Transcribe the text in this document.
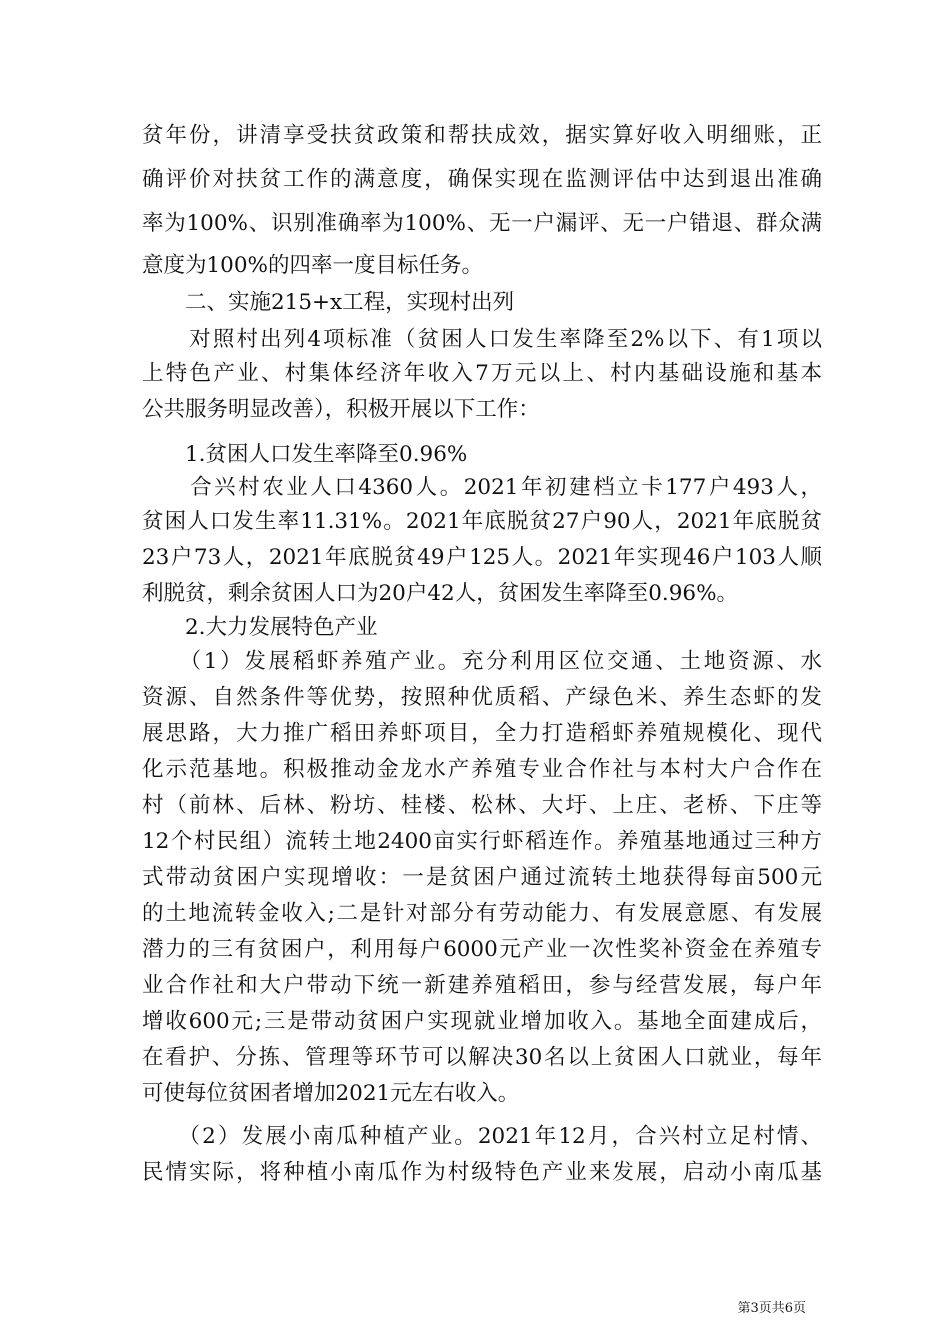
贫年份，讲清享受扶贫政策和帮扶成效，据实算好收入明细账，正
确评价对扶贫工作的满意度，确保实现在监测评估中达到退出准确
率为100%、识别准确率为100%、无一户漏评、无一户错退、群众满
意度为100%的四率一度目标任务。
　　二、实施215+x工程，实现村出列
　　对照村出列4项标准（贫困人口发生率降至2%以下、有1项以
上特色产业、村集体经济年收入7万元以上、村内基础设施和基本
公共服务明显改善），积极开展以下工作：
　　1.贫困人口发生率降至0.96%
　　合兴村农业人口4360人。2021年初建档立卡177户493人，
贫困人口发生率11.31%。2021年底脱贫27户90人，2021年底脱贫
23户73人，2021年底脱贫49户125人。2021年实现46户103人顺
利脱贫，剩余贫困人口为20户42人，贫困发生率降至0.96%。
　　2.大力发展特色产业
　　（1）发展稻虾养殖产业。充分利用区位交通、土地资源、水
资源、自然条件等优势，按照种优质稻、产绿色米、养生态虾的发
展思路，大力推广稻田养虾项目，全力打造稻虾养殖规模化、现代
化示范基地。积极推动金龙水产养殖专业合作社与本村大户合作在
村（前林、后林、粉坊、桂楼、松林、大圩、上庄、老桥、下庄等
12个村民组）流转土地2400亩实行虾稻连作。养殖基地通过三种方
式带动贫困户实现增收：一是贫困户通过流转土地获得每亩500元
的土地流转金收入;二是针对部分有劳动能力、有发展意愿、有发展
潜力的三有贫困户，利用每户6000元产业一次性奖补资金在养殖专
业合作社和大户带动下统一新建养殖稻田，参与经营发展，每户年
增收600元;三是带动贫困户实现就业增加收入。基地全面建成后，
在看护、分拣、管理等环节可以解决30名以上贫困人口就业，每年
可使每位贫困者增加2021元左右收入。
　　（2）发展小南瓜种植产业。2021年12月，合兴村立足村情、
民情实际，将种植小南瓜作为村级特色产业来发展，启动小南瓜基
第3页共6页
